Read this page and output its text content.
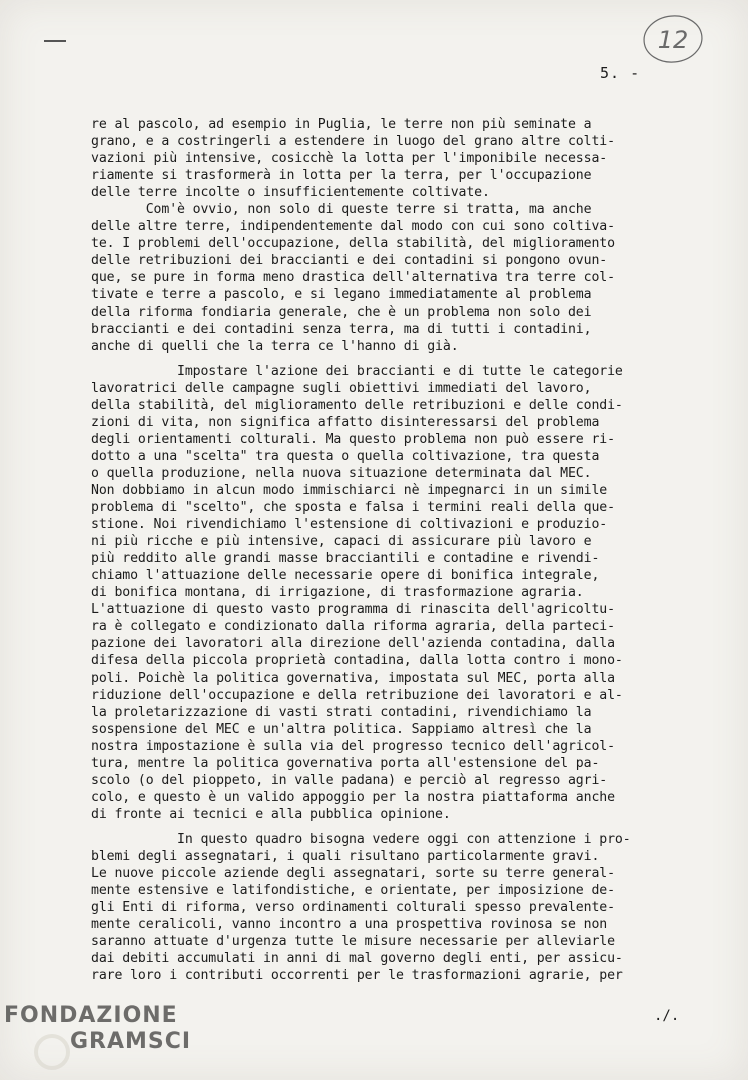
12
5. -
re al pascolo, ad esempio in Puglia, le terre non più seminate a
grano, e a costringerli a estendere in luogo del grano altre colti-
vazioni più intensive, cosicchè la lotta per l'imponibile necessa-
riamente si trasformerà in lotta per la terra, per l'occupazione
delle terre incolte o insufficientemente coltivate.
Com'è ovvio, non solo di queste terre si tratta, ma anche
delle altre terre, indipendentemente dal modo con cui sono coltiva-
te. I problemi dell'occupazione, della stabilità, del miglioramento
delle retribuzioni dei braccianti e dei contadini si pongono ovun-
que, se pure in forma meno drastica dell'alternativa tra terre col-
tivate e terre a pascolo, e si legano immediatamente al problema
della riforma fondiaria generale, che è un problema non solo dei
braccianti e dei contadini senza terra, ma di tutti i contadini,
anche di quelli che la terra ce l'hanno di già.
Impostare l'azione dei braccianti e di tutte le categorie
lavoratrici delle campagne sugli obiettivi immediati del lavoro,
della stabilità, del miglioramento delle retribuzioni e delle condi-
zioni di vita, non significa affatto disinteressarsi del problema
degli orientamenti colturali. Ma questo problema non può essere ri-
dotto a una "scelta" tra questa o quella coltivazione, tra questa
o quella produzione, nella nuova situazione determinata dal MEC.
Non dobbiamo in alcun modo immischiarci nè impegnarci in un simile
problema di "scelto", che sposta e falsa i termini reali della que-
stione. Noi rivendichiamo l'estensione di coltivazioni e produzio-
ni più ricche e più intensive, capaci di assicurare più lavoro e
più reddito alle grandi masse bracciantili e contadine e rivendi-
chiamo l'attuazione delle necessarie opere di bonifica integrale,
di bonifica montana, di irrigazione, di trasformazione agraria.
L'attuazione di questo vasto programma di rinascita dell'agricoltu-
ra è collegato e condizionato dalla riforma agraria, della parteci-
pazione dei lavoratori alla direzione dell'azienda contadina, dalla
difesa della piccola proprietà contadina, dalla lotta contro i mono-
poli. Poichè la politica governativa, impostata sul MEC, porta alla
riduzione dell'occupazione e della retribuzione dei lavoratori e al-
la proletarizzazione di vasti strati contadini, rivendichiamo la
sospensione del MEC e un'altra politica. Sappiamo altresì che la
nostra impostazione è sulla via del progresso tecnico dell'agricol-
tura, mentre la politica governativa porta all'estensione del pa-
scolo (o del pioppeto, in valle padana) e perciò al regresso agri-
colo, e questo è un valido appoggio per la nostra piattaforma anche
di fronte ai tecnici e alla pubblica opinione.
In questo quadro bisogna vedere oggi con attenzione i pro-
blemi degli assegnatari, i quali risultano particolarmente gravi.
Le nuove piccole aziende degli assegnatari, sorte su terre general-
mente estensive e latifondistiche, e orientate, per imposizione de-
gli Enti di riforma, verso ordinamenti colturali spesso prevalente-
mente ceralicoli, vanno incontro a una prospettiva rovinosa se non
saranno attuate d'urgenza tutte le misure necessarie per alleviarle
dai debiti accumulati in anni di mal governo degli enti, per assicu-
rare loro i contributi occorrenti per le trasformazioni agrarie, per
./.
FONDAZIONE
GRAMSCI
